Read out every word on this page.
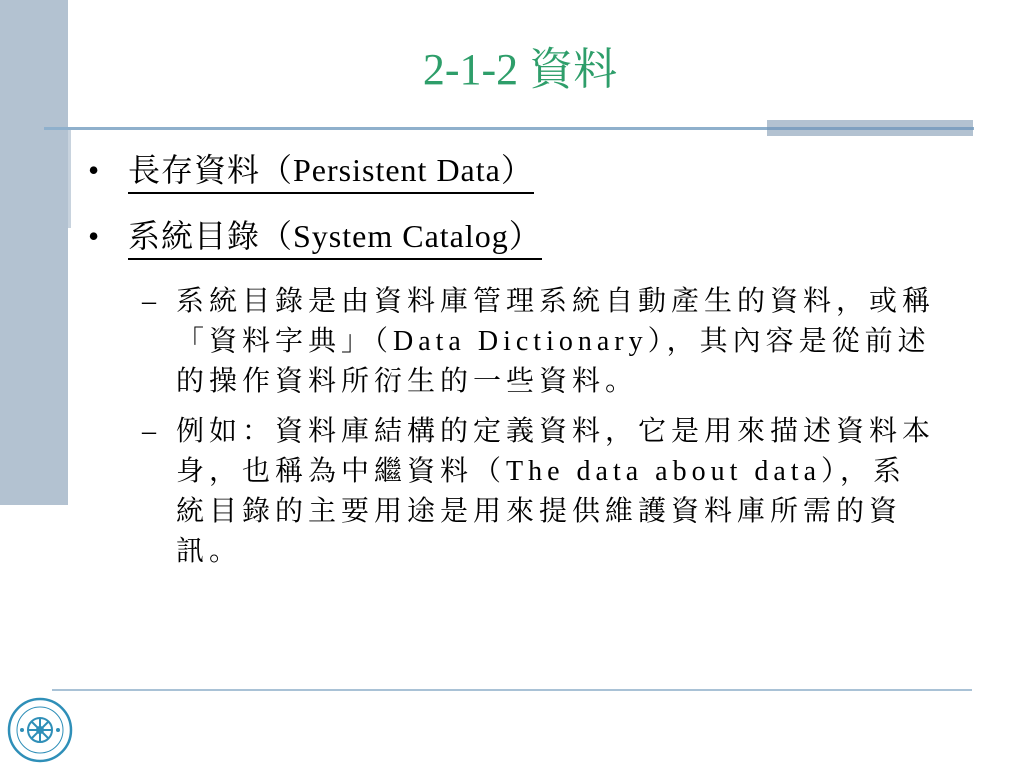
2-1-2 資料
• 長存資料（Persistent Data）
• 系統目錄（System Catalog）
– 系統目錄是由資料庫管理系統自動產生的資料，或稱「資料字典」（Data Dictionary），其內容是從前述的操作資料所衍生的一些資料。
– 例如：資料庫結構的定義資料，它是用來描述資料本身，也稱為中繼資料（The data about data），系統目錄的主要用途是用來提供維護資料庫所需的資訊。
